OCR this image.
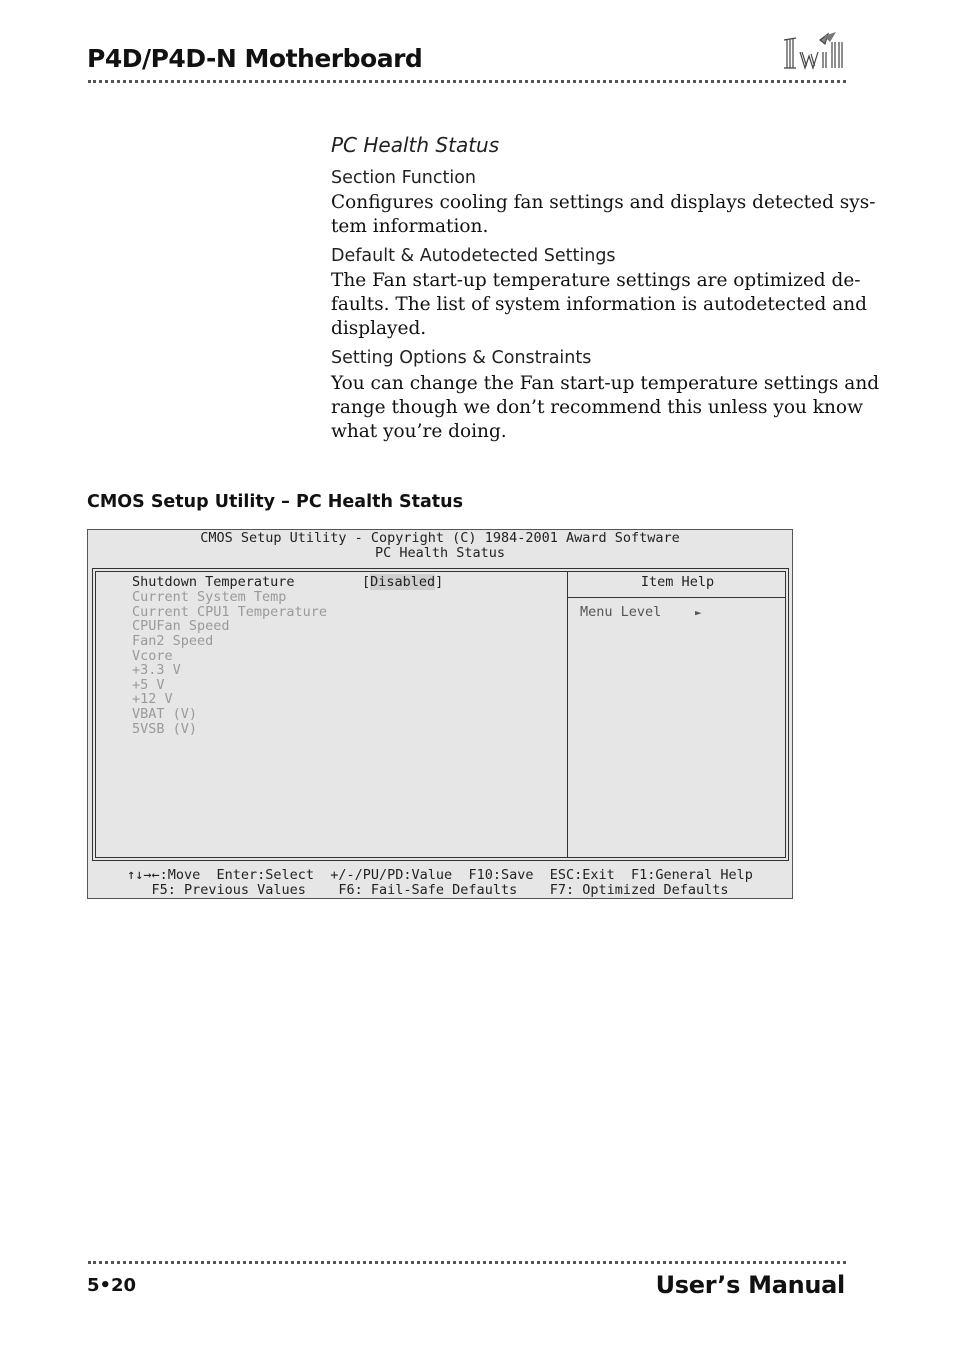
P4D/P4D-N Motherboard
PC Health Status
Section Function
Configures cooling fan settings and displays detected sys-
tem information.
Default & Autodetected Settings
The Fan start-up temperature settings are optimized de-
faults. The list of system information is autodetected and
displayed.
Setting Options & Constraints
You can change the Fan start-up temperature settings and
range though we don’t recommend this unless you know
what you’re doing.
CMOS Setup Utility – PC Health Status
CMOS Setup Utility - Copyright (C) 1984-2001 Award Software
PC Health Status
Shutdown Temperature	[Disabled]
Current System Temp
Current CPU1 Temperature
CPUFan Speed
Fan2 Speed
Vcore
+3.3 V
+5 V
+12 V
VBAT (V)
5VSB (V)
Item Help
Menu Level	►
↑↓→←:Move  Enter:Select  +/-/PU/PD:Value  F10:Save  ESC:Exit  F1:General Help
F5: Previous Values    F6: Fail-Safe Defaults    F7: Optimized Defaults
5•20	User’s Manual
